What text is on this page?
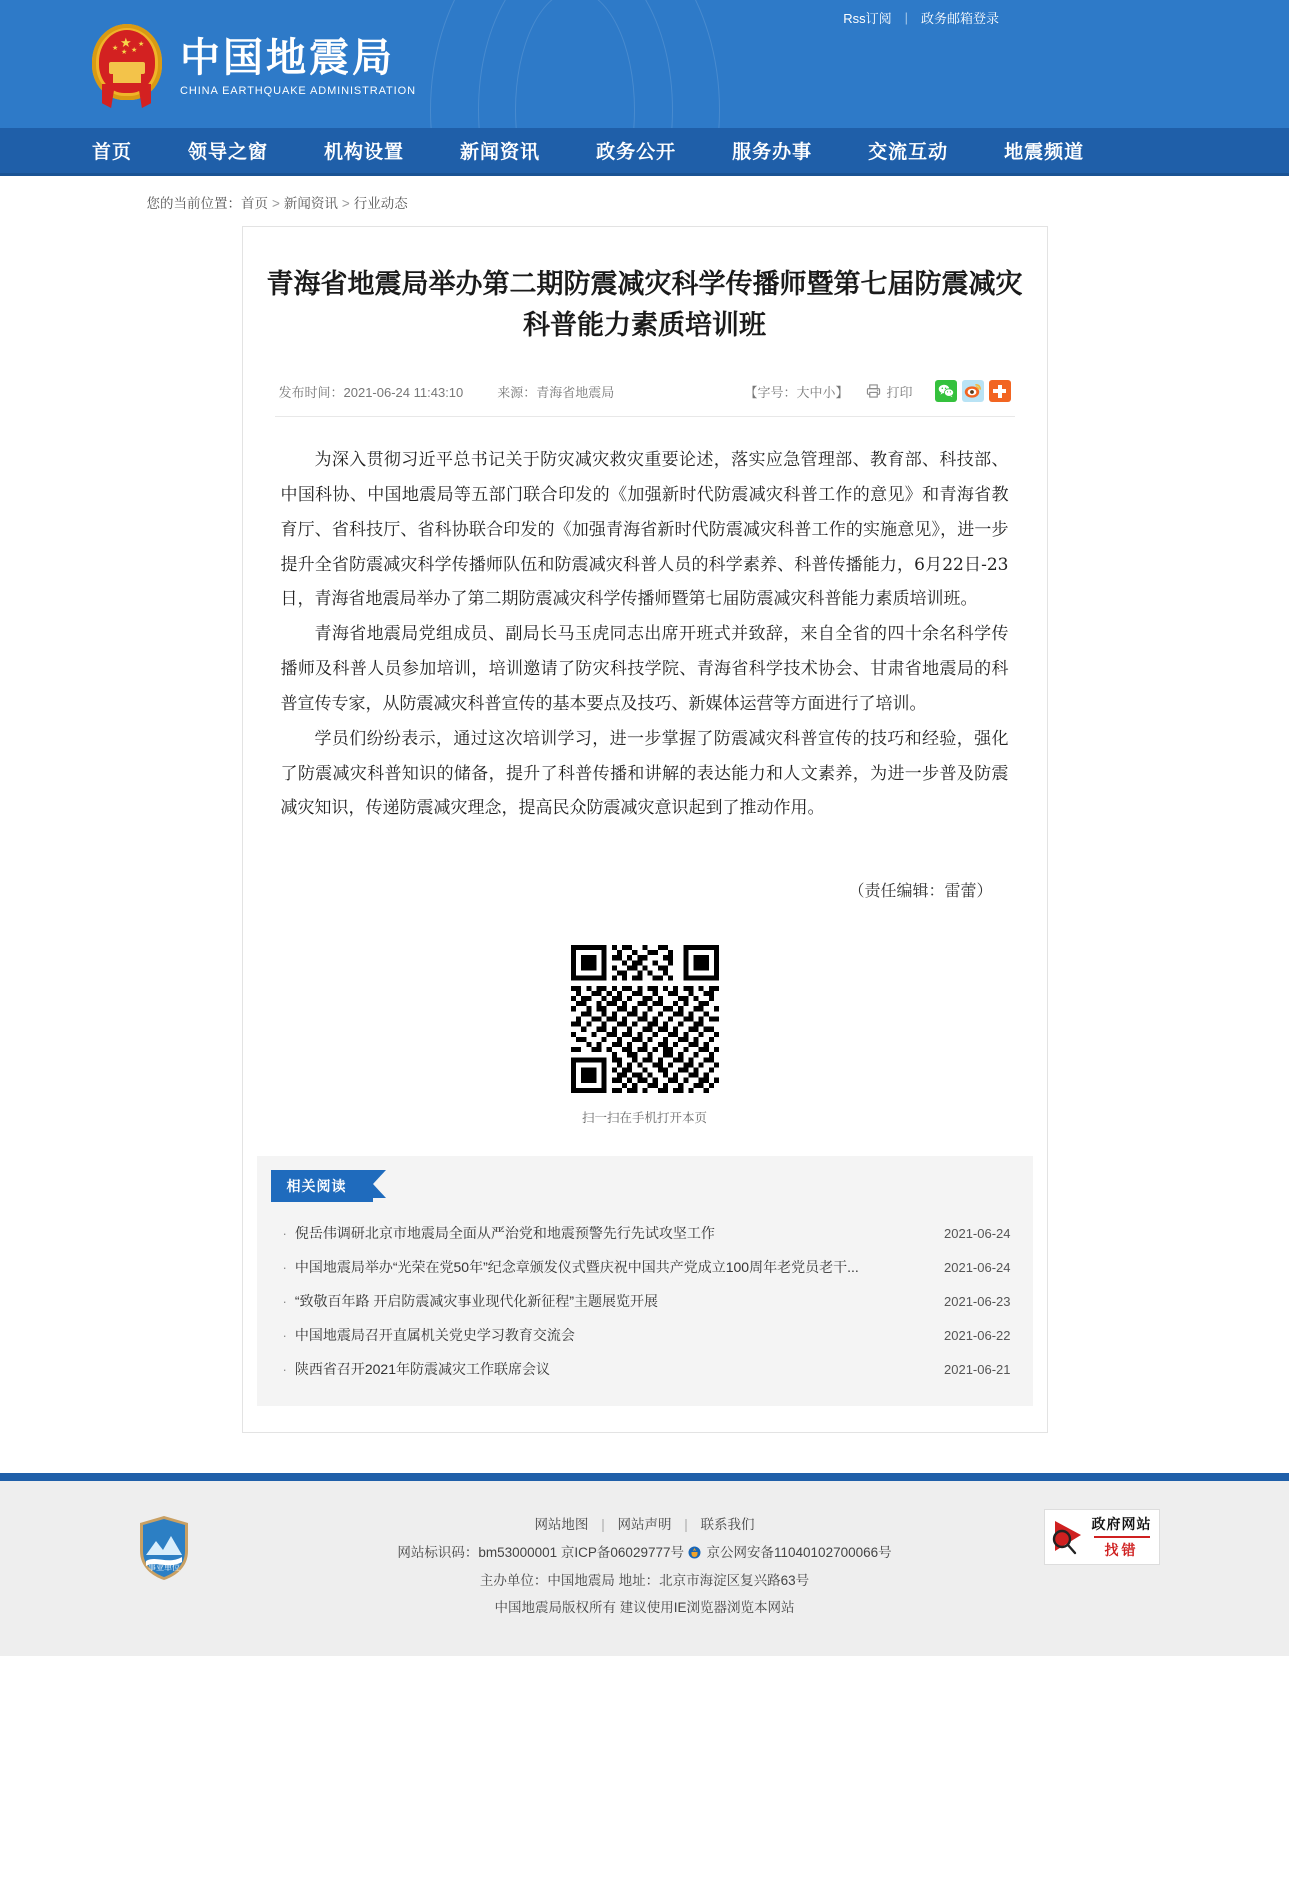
Rss订阅 | 政务邮箱登录
★
★
★ ★
★ 中国地震局
CHINA EARTHQUAKE ADMINISTRATION
首页	领导之窗	机构设置	新闻资讯	政务公开	服务办事	交流互动	地震频道
您的当前位置：首页 > 新闻资讯 > 行业动态
青海省地震局举办第二期防震减灾科学传播师暨第七届防震减灾科普能力素质培训班
发布时间：2021-06-24 11:43:10	来源：青海省地震局	【字号：大中小】	打印

为深入贯彻习近平总书记关于防灾减灾救灾重要论述，落实应急管理部、教育部、科技部、中国科协、中国地震局等五部门联合印发的《加强新时代防震减灾科普工作的意见》和青海省教育厅、省科技厅、省科协联合印发的《加强青海省新时代防震减灾科普工作的实施意见》，进一步提升全省防震减灾科学传播师队伍和防震减灾科普人员的科学素养、科普传播能力，6月22日-23日，青海省地震局举办了第二期防震减灾科学传播师暨第七届防震减灾科普能力素质培训班。

青海省地震局党组成员、副局长马玉虎同志出席开班式并致辞，来自全省的四十余名科学传播师及科普人员参加培训，培训邀请了防灾科技学院、青海省科学技术协会、甘肃省地震局的科普宣传专家，从防震减灾科普宣传的基本要点及技巧、新媒体运营等方面进行了培训。

学员们纷纷表示，通过这次培训学习，进一步掌握了防震减灾科普宣传的技巧和经验，强化了防震减灾科普知识的储备，提升了科普传播和讲解的表达能力和人文素养，为进一步普及防震减灾知识，传递防震减灾理念，提高民众防震减灾意识起到了推动作用。

（责任编辑：雷蕾）
扫一扫在手机打开本页
相关阅读
· 倪岳伟调研北京市地震局全面从严治党和地震预警先行先试攻坚工作	2021-06-24
· 中国地震局举办“光荣在党50年”纪念章颁发仪式暨庆祝中国共产党成立100周年老党员老干...	2021-06-24
· “致敬百年路 开启防震减灾事业现代化新征程”主题展览开展	2021-06-23
· 中国地震局召开直属机关党史学习教育交流会	2021-06-22
· 陕西省召开2021年防震减灾工作联席会议	2021-06-21
事业单位
网站地图 | 网站声明 | 联系我们
网站标识码：bm53000001 京ICP备06029777号 京公网安备11040102700066号
主办单位：中国地震局 地址：北京市海淀区复兴路63号
中国地震局版权所有 建议使用IE浏览器浏览本网站
政府网站
找错
